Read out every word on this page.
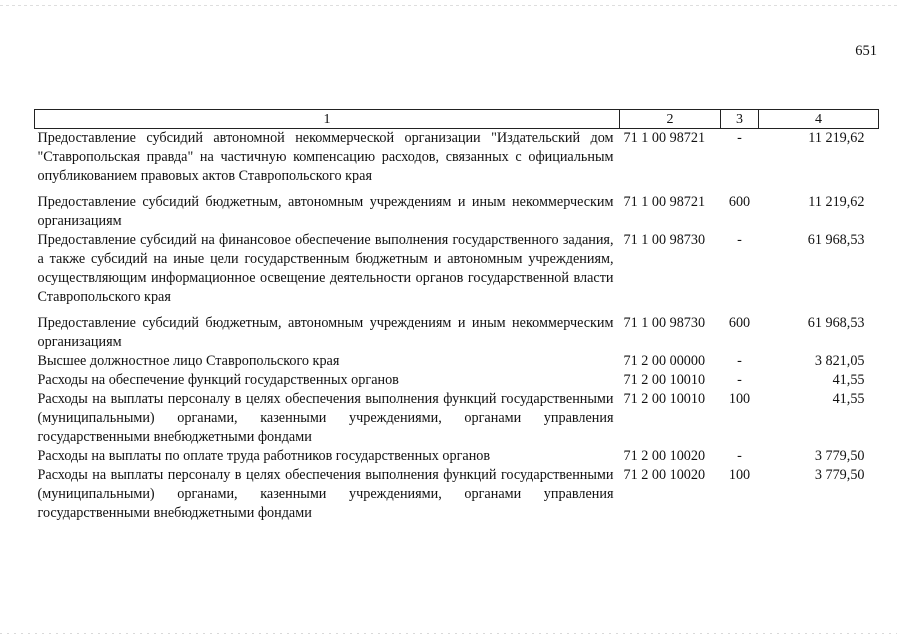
651
1	2	3	4
Предоставление субсидий автономной некоммерческой организации "Издательский дом "Ставропольская правда" на частичную компенсацию расходов, связанных с официальным опубликованием правовых актов Ставропольского края	71 1 00 98721	-	11 219,62
Предоставление субсидий бюджетным, автономным учреждениям и иным некоммерческим организациям	71 1 00 98721	600	11 219,62
Предоставление субсидий на финансовое обеспечение выполнения государственного задания, а также субсидий на иные цели государственным бюджетным и автономным учреждениям, осуществляющим информационное освещение деятельности органов государственной власти Ставропольского края	71 1 00 98730	-	61 968,53
Предоставление субсидий бюджетным, автономным учреждениям и иным некоммерческим организациям	71 1 00 98730	600	61 968,53
Высшее должностное лицо Ставропольского края	71 2 00 00000	-	3 821,05
Расходы на обеспечение функций государственных органов	71 2 00 10010	-	41,55
Расходы на выплаты персоналу в целях обеспечения выполнения функций государственными (муниципальными) органами, казенными учреждениями, органами управления государственными внебюджетными фондами	71 2 00 10010	100	41,55
Расходы на выплаты по оплате труда работников государственных органов	71 2 00 10020	-	3 779,50
Расходы на выплаты персоналу в целях обеспечения выполнения функций государственными (муниципальными) органами, казенными учреждениями, органами управления государственными внебюджетными фондами	71 2 00 10020	100	3 779,50
